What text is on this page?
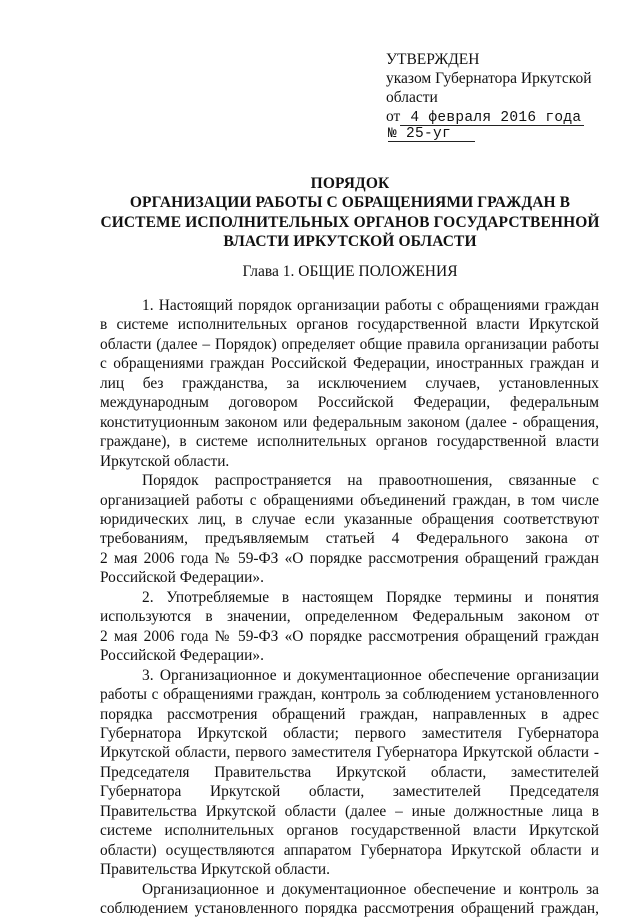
УТВЕРЖДЕН
указом Губернатора Иркутской
области
от 4 февраля 2016 года
№ 25-уг
ПОРЯДОК
ОРГАНИЗАЦИИ РАБОТЫ С ОБРАЩЕНИЯМИ ГРАЖДАН В
СИСТЕМЕ ИСПОЛНИТЕЛЬНЫХ ОРГАНОВ ГОСУДАРСТВЕННОЙ
ВЛАСТИ ИРКУТСКОЙ ОБЛАСТИ
Глава 1. ОБЩИЕ ПОЛОЖЕНИЯ

1. Настоящий порядок организации работы с обращениями граждан
в системе исполнительных органов государственной власти Иркутской
области (далее – Порядок) определяет общие правила организации работы
с обращениями граждан Российской Федерации, иностранных граждан и
лиц без гражданства, за исключением случаев, установленных
международным договором Российской Федерации, федеральным
конституционным законом или федеральным законом (далее - обращения,
граждане), в системе исполнительных органов государственной власти
Иркутской области.

Порядок распространяется на правоотношения, связанные с
организацией работы с обращениями объединений граждан, в том числе
юридических лиц, в случае если указанные обращения соответствуют
требованиям, предъявляемым статьей 4 Федерального закона от
2 мая 2006 года № 59-ФЗ «О порядке рассмотрения обращений граждан
Российской Федерации».

2. Употребляемые в настоящем Порядке термины и понятия
используются в значении, определенном Федеральным законом от
2 мая 2006 года № 59-ФЗ «О порядке рассмотрения обращений граждан
Российской Федерации».

3. Организационное и документационное обеспечение организации
работы с обращениями граждан, контроль за соблюдением установленного
порядка рассмотрения обращений граждан, направленных в адрес
Губернатора Иркутской области; первого заместителя Губернатора
Иркутской области, первого заместителя Губернатора Иркутской области -
Председателя Правительства Иркутской области, заместителей
Губернатора Иркутской области, заместителей Председателя
Правительства Иркутской области (далее – иные должностные лица в
системе исполнительных органов государственной власти Иркутской
области) осуществляются аппаратом Губернатора Иркутской области и
Правительства Иркутской области.

Организационное и документационное обеспечение и контроль за
соблюдением установленного порядка рассмотрения обращений граждан,
